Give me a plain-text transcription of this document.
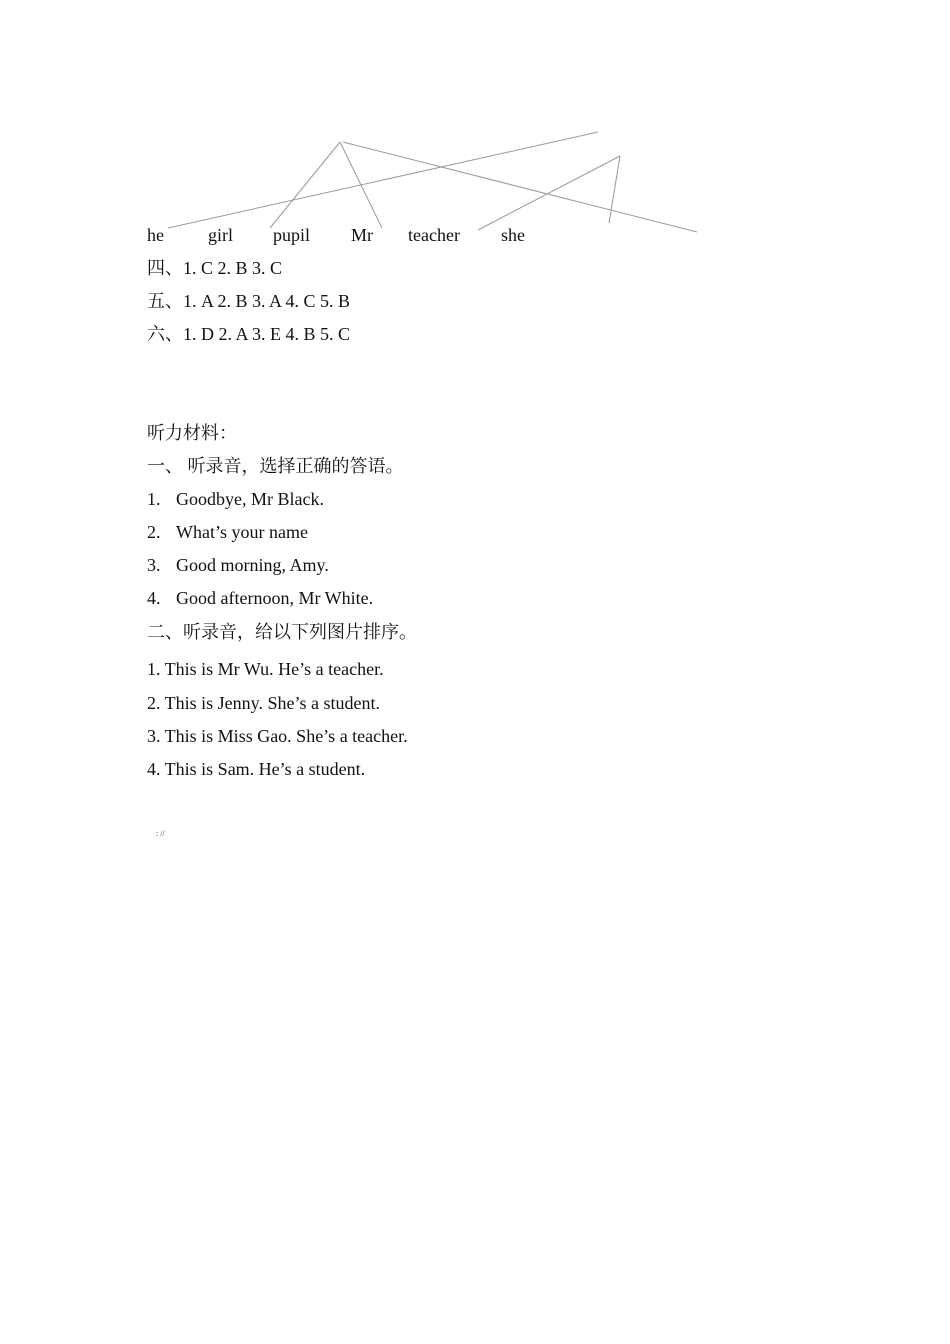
he girl pupil Mr teacher she
四、1. C 2. B 3. C
五、1. A 2. B 3. A 4. C 5. B
六、1. D 2. A 3. E 4. B 5. C
听力材料：
一、 听录音，选择正确的答语。
1. Goodbye, Mr Black.
2. What’s your name
3. Good morning, Amy.
4. Good afternoon, Mr White.
二、听录音，给以下列图片排序。
1. This is Mr Wu. He’s a teacher.
2. This is Jenny. She’s a student.
3. This is Miss Gao. She’s a teacher.
4. This is Sam. He’s a student.
: //
